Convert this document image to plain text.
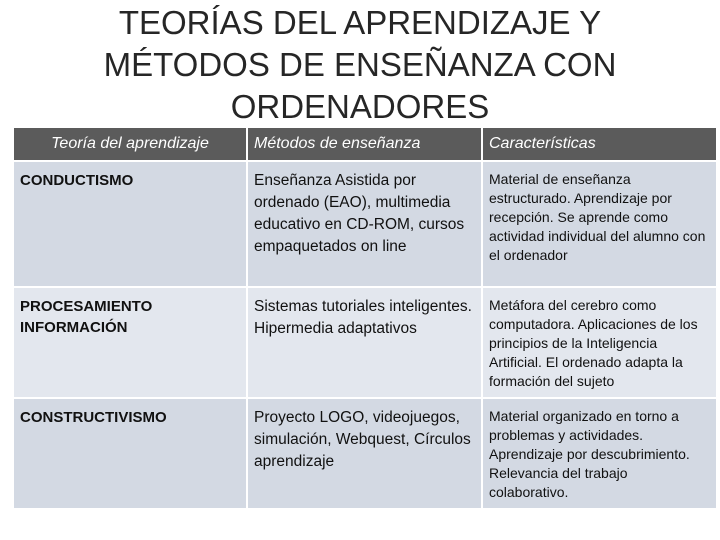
TEORÍAS DEL APRENDIZAJE Y
MÉTODOS DE ENSEÑANZA CON
ORDENADORES
Teoría del aprendizaje	Métodos de enseñanza	Características
CONDUCTISMO	Enseñanza Asistida por ordenado (EAO), multimedia educativo en CD-ROM, cursos empaquetados on line	Material de enseñanza estructurado. Aprendizaje por recepción. Se aprende como actividad individual del alumno con el ordenador
PROCESAMIENTO INFORMACIÓN	Sistemas tutoriales inteligentes. Hipermedia adaptativos	Metáfora del cerebro como computadora. Aplicaciones de los principios de la Inteligencia Artificial. El ordenado adapta la formación del sujeto
CONSTRUCTIVISMO	Proyecto LOGO, videojuegos, simulación, Webquest, Círculos aprendizaje	Material organizado en torno a problemas y actividades. Aprendizaje por descubrimiento. Relevancia del trabajo colaborativo.
